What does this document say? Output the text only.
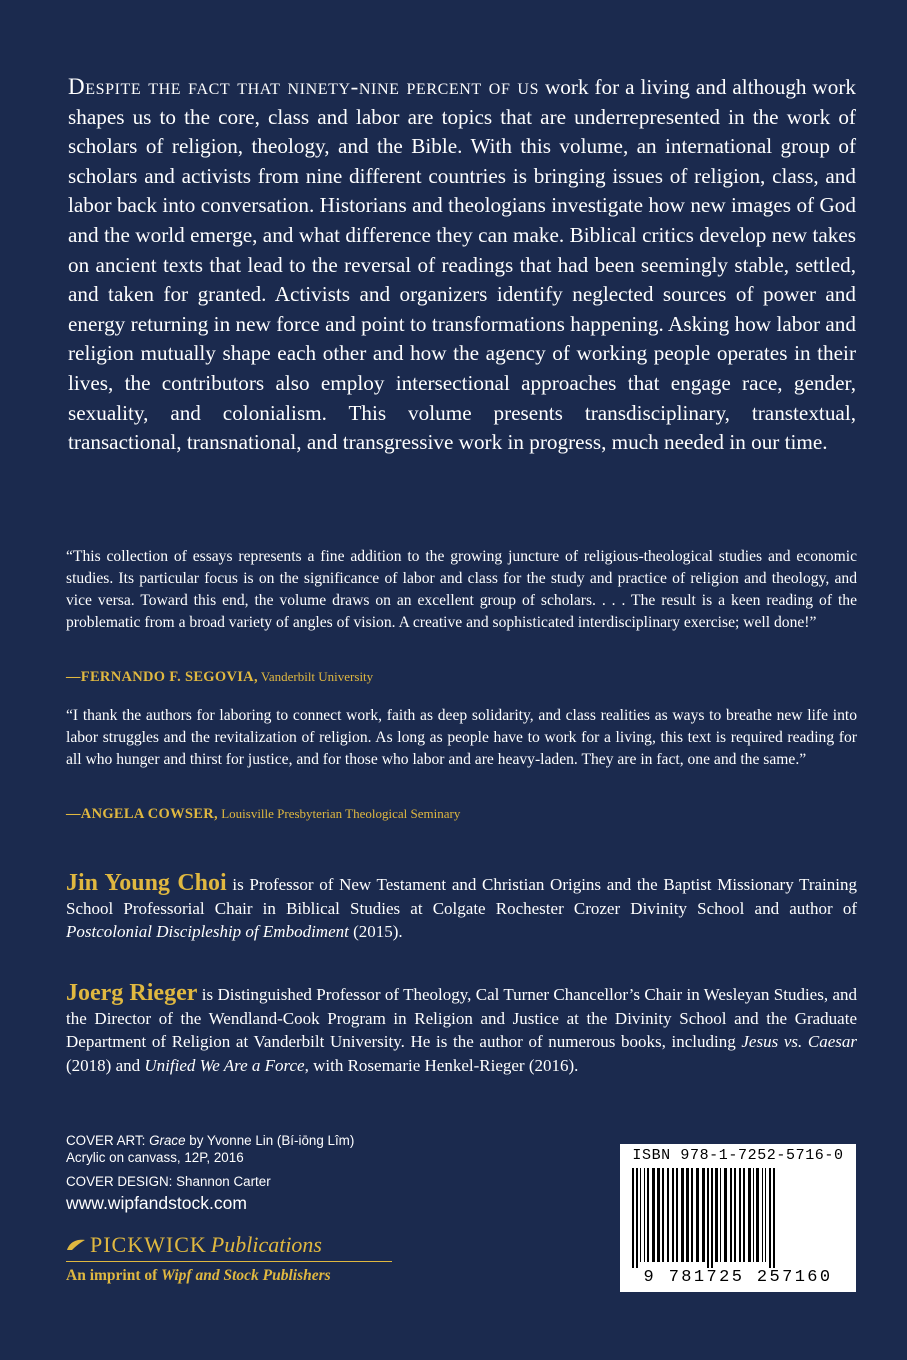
Despite the fact that ninety-nine percent of us work for a living and although work shapes us to the core, class and labor are topics that are underrepresented in the work of scholars of religion, theology, and the Bible. With this volume, an international group of scholars and activists from nine different countries is bringing issues of religion, class, and labor back into conversation. Historians and theologians investigate how new images of God and the world emerge, and what difference they can make. Biblical critics develop new takes on ancient texts that lead to the reversal of readings that had been seemingly stable, settled, and taken for granted. Activists and organizers identify neglected sources of power and energy returning in new force and point to transformations happening. Asking how labor and religion mutually shape each other and how the agency of working people operates in their lives, the contributors also employ intersectional approaches that engage race, gender, sexuality, and colonialism. This volume presents transdisciplinary, transtextual, transactional, transnational, and transgressive work in progress, much needed in our time.

“This collection of essays represents a fine addition to the growing juncture of religious-theological studies and economic studies. Its particular focus is on the significance of labor and class for the study and practice of religion and theology, and vice versa. Toward this end, the volume draws on an excellent group of scholars. . . . The result is a keen reading of the problematic from a broad variety of angles of vision. A creative and sophisticated interdisciplinary exercise; well done!”

—FERNANDO F. SEGOVIA, Vanderbilt University

“I thank the authors for laboring to connect work, faith as deep solidarity, and class realities as ways to breathe new life into labor struggles and the revitalization of religion. As long as people have to work for a living, this text is required reading for all who hunger and thirst for justice, and for those who labor and are heavy-laden. They are in fact, one and the same.”

—ANGELA COWSER, Louisville Presbyterian Theological Seminary

Jin Young Choi is Professor of New Testament and Christian Origins and the Baptist Missionary Training School Professorial Chair in Biblical Studies at Colgate Rochester Crozer Divinity School and author of Postcolonial Discipleship of Embodiment (2015).

Joerg Rieger is Distinguished Professor of Theology, Cal Turner Chancellor’s Chair in Wesleyan Studies, and the Director of the Wendland-Cook Program in Religion and Justice at the Divinity School and the Graduate Department of Religion at Vanderbilt University. He is the author of numerous books, including Jesus vs. Caesar (2018) and Unified We Are a Force, with Rosemarie Henkel-Rieger (2016).

COVER ART: Grace by Yvonne Lin (Bí-iōng Lîm)
Acrylic on canvass, 12P, 2016
COVER DESIGN: Shannon Carter
www.wipfandstock.com
PICKWICK Publications
An imprint of Wipf and Stock Publishers
ISBN 978-1-7252-5716-0
9 781725 257160
